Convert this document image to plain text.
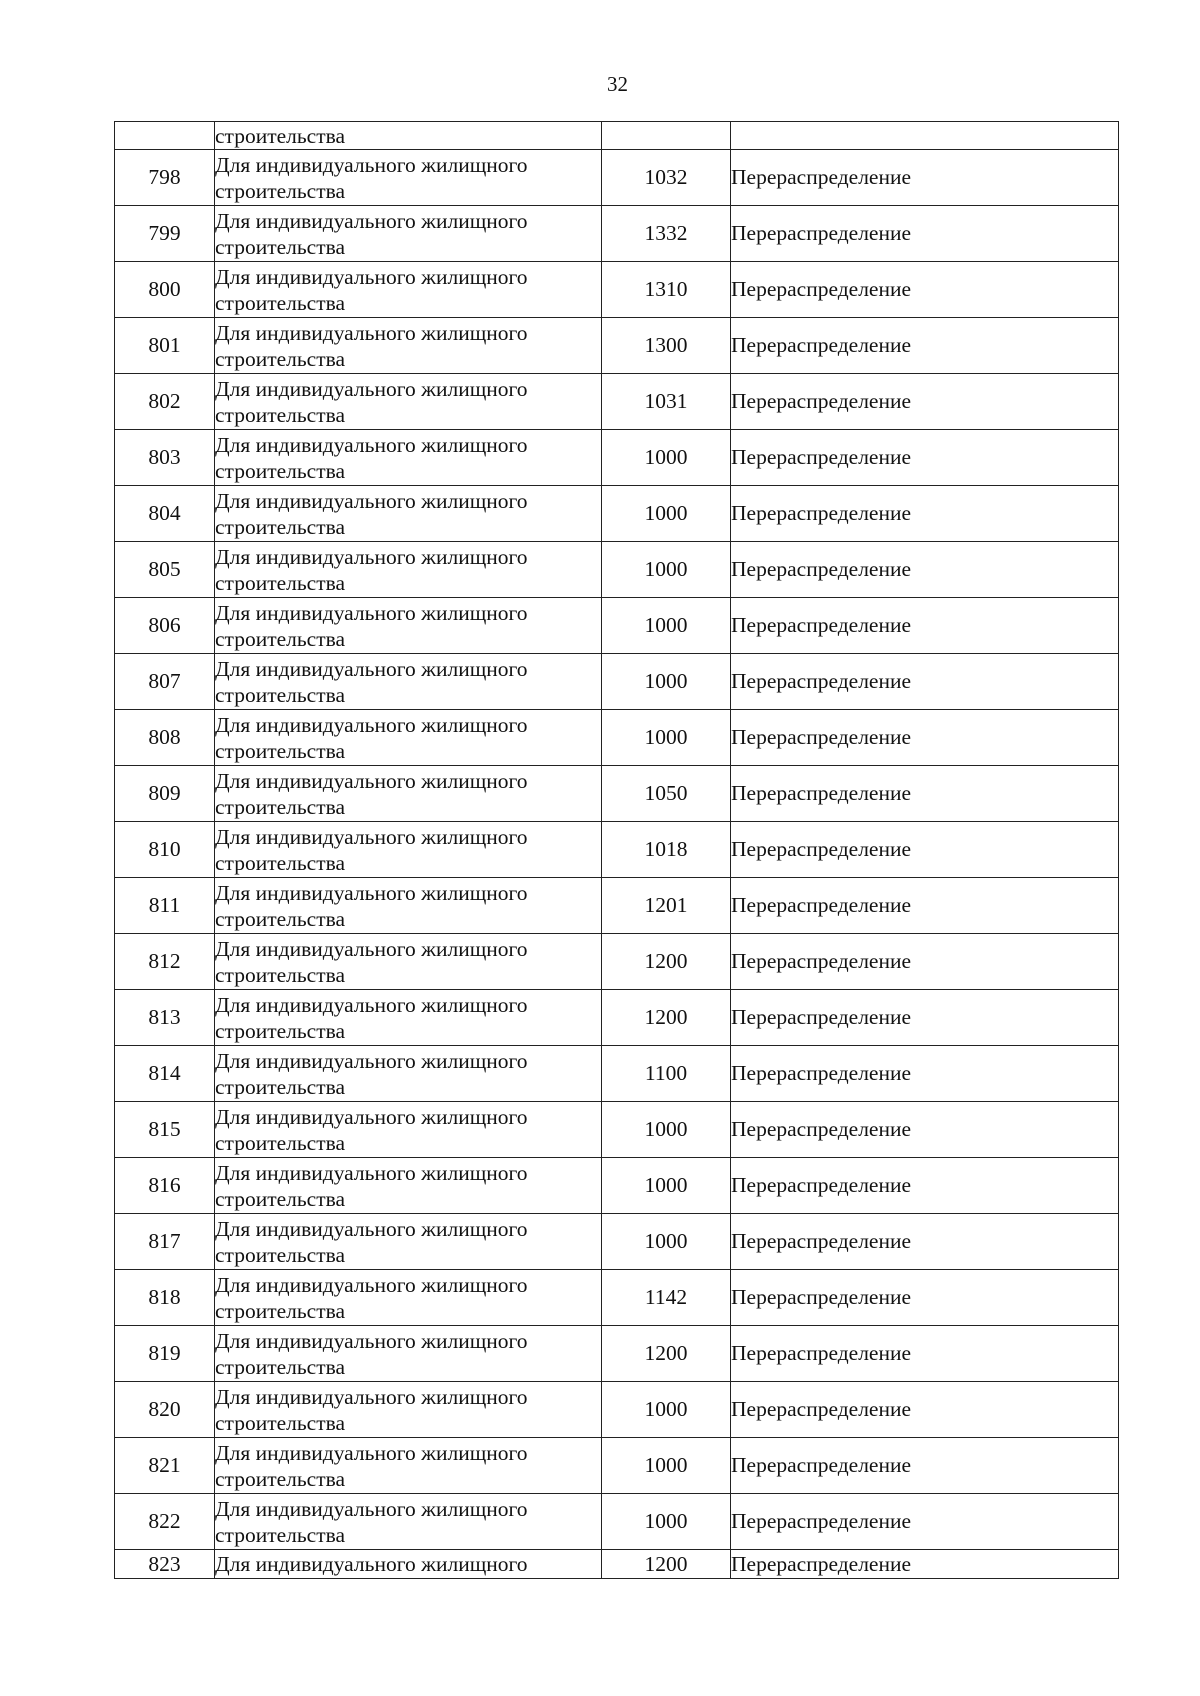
32

	строительства		

798	Для индивидуального жилищного
строительства	1032	Перераспределение
799	Для индивидуального жилищного
строительства	1332	Перераспределение
800	Для индивидуального жилищного
строительства	1310	Перераспределение
801	Для индивидуального жилищного
строительства	1300	Перераспределение
802	Для индивидуального жилищного
строительства	1031	Перераспределение
803	Для индивидуального жилищного
строительства	1000	Перераспределение
804	Для индивидуального жилищного
строительства	1000	Перераспределение
805	Для индивидуального жилищного
строительства	1000	Перераспределение
806	Для индивидуального жилищного
строительства	1000	Перераспределение
807	Для индивидуального жилищного
строительства	1000	Перераспределение
808	Для индивидуального жилищного
строительства	1000	Перераспределение
809	Для индивидуального жилищного
строительства	1050	Перераспределение
810	Для индивидуального жилищного
строительства	1018	Перераспределение
811	Для индивидуального жилищного
строительства	1201	Перераспределение
812	Для индивидуального жилищного
строительства	1200	Перераспределение
813	Для индивидуального жилищного
строительства	1200	Перераспределение
814	Для индивидуального жилищного
строительства	1100	Перераспределение
815	Для индивидуального жилищного
строительства	1000	Перераспределение
816	Для индивидуального жилищного
строительства	1000	Перераспределение
817	Для индивидуального жилищного
строительства	1000	Перераспределение
818	Для индивидуального жилищного
строительства	1142	Перераспределение
819	Для индивидуального жилищного
строительства	1200	Перераспределение
820	Для индивидуального жилищного
строительства	1000	Перераспределение
821	Для индивидуального жилищного
строительства	1000	Перераспределение
822	Для индивидуального жилищного
строительства	1000	Перераспределение
823	Для индивидуального жилищного	1200	Перераспределение
